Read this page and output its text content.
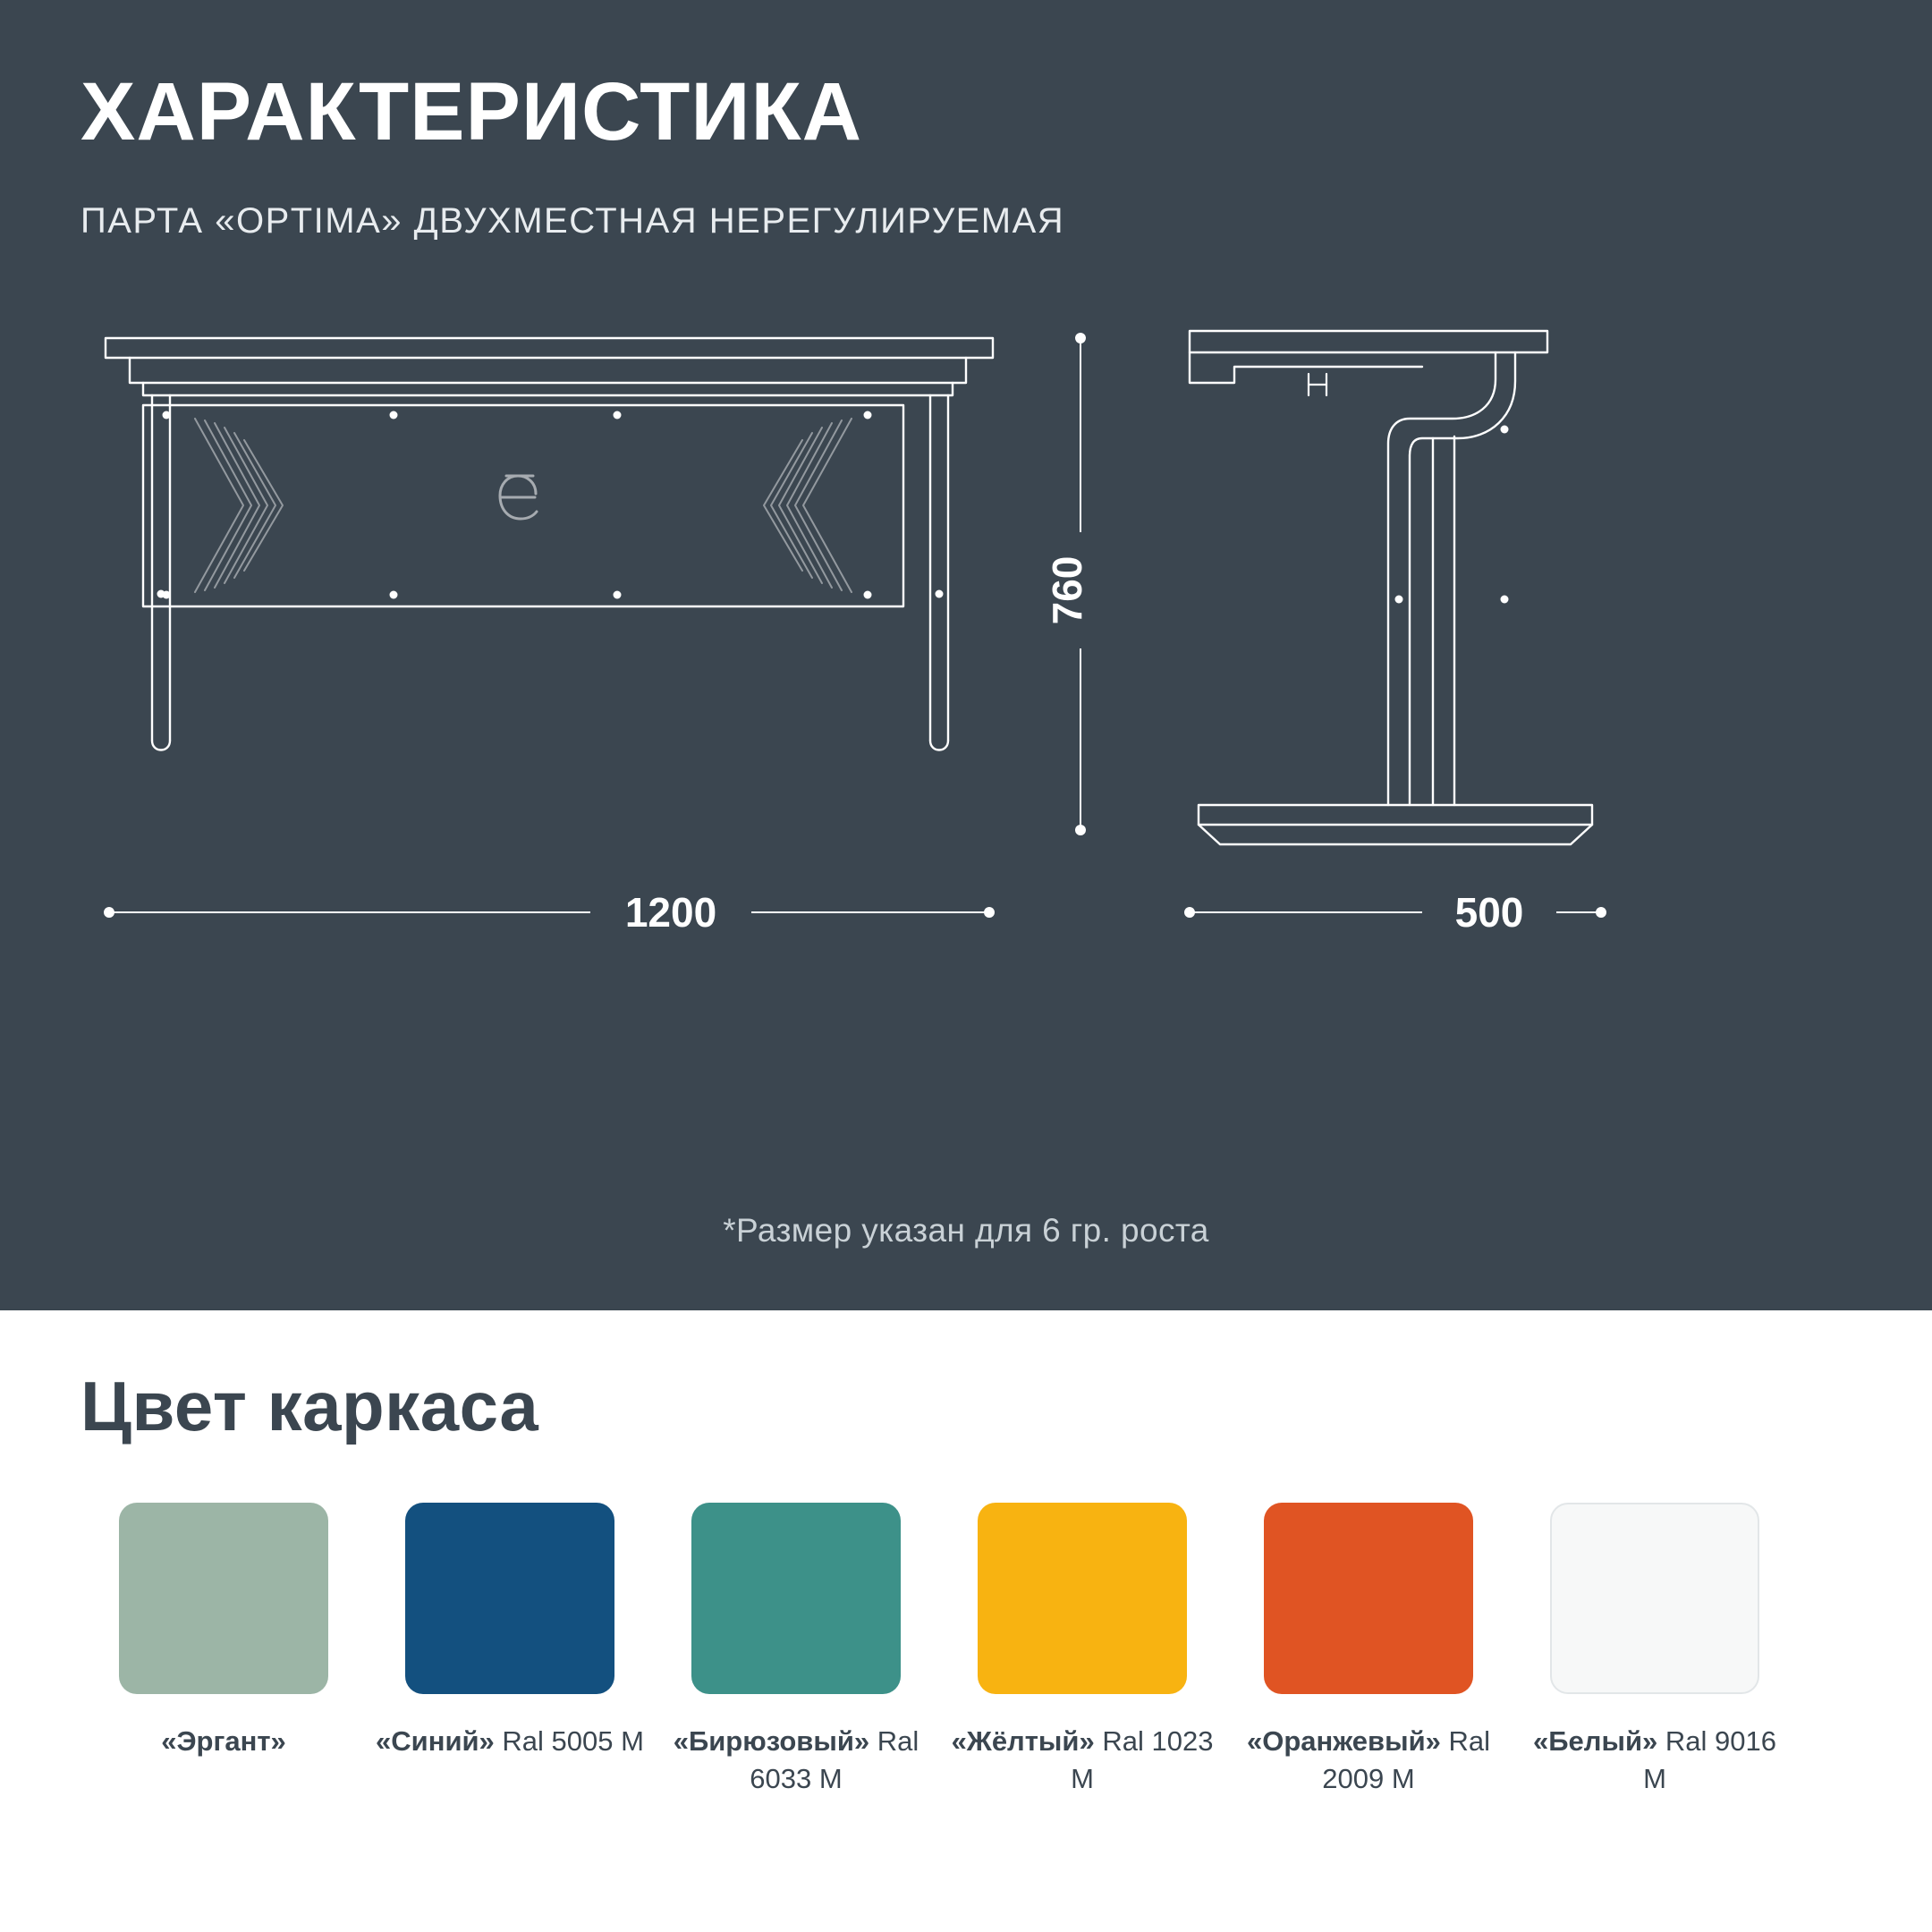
ХАРАКТЕРИСТИКА
ПАРТА «OPTIMA» ДВУХМЕСТНАЯ НЕРЕГУЛИРУЕМАЯ
760
1200	500
*Размер указан для 6 гр. роста
Цвет каркаса
«Эргант»	«Синий» Ral 5005 M	«Бирюзовый» Ral 6033 M
«Жёлтый» Ral 1023 M
«Оранжевый» Ral 2009 M
«Белый» Ral 9016 M
